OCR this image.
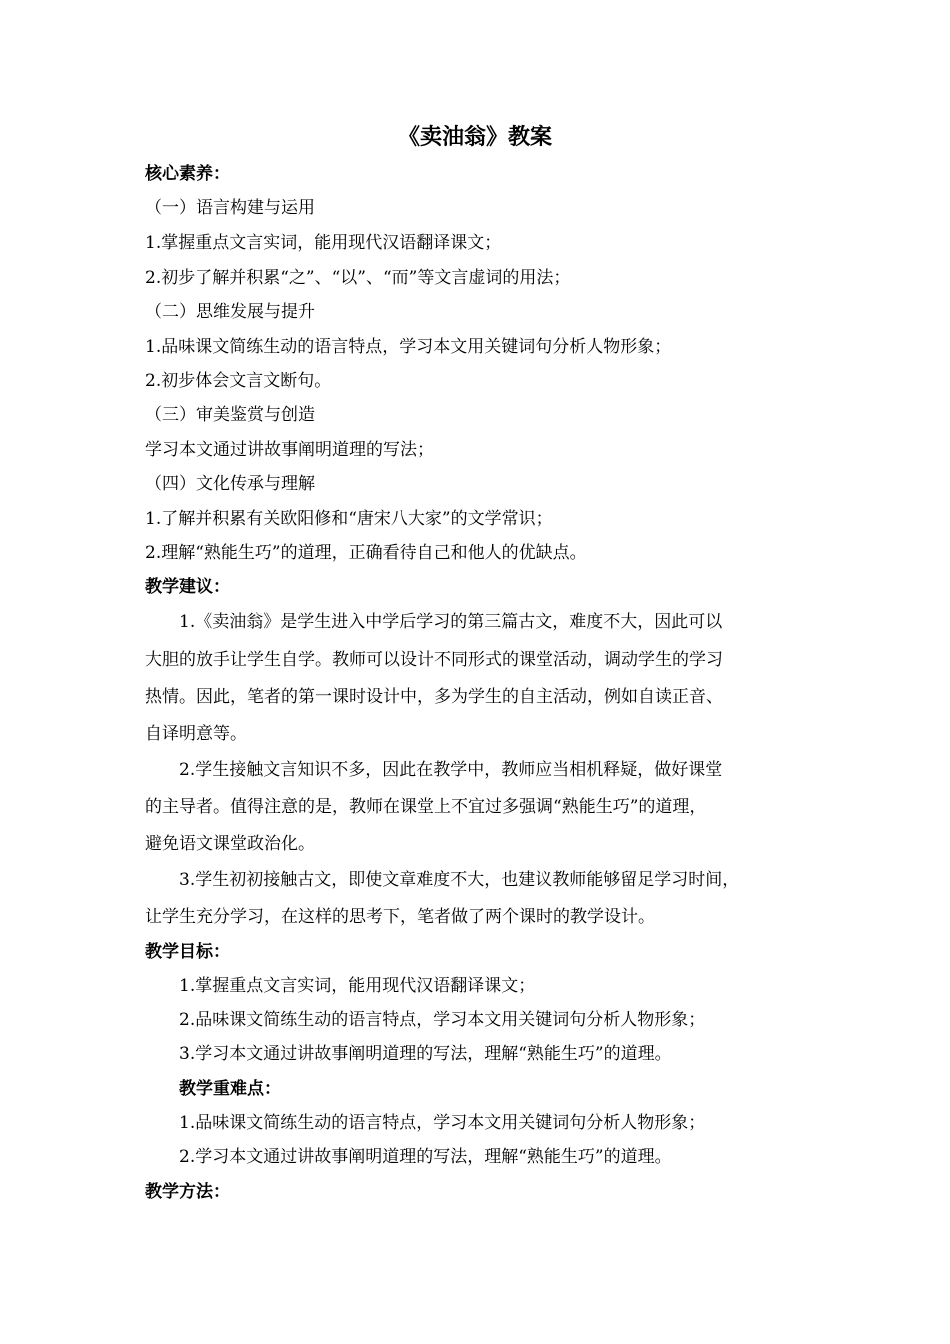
《卖油翁》教案
核心素养：
（一）语言构建与运用
1.掌握重点文言实词，能用现代汉语翻译课文；
2.初步了解并积累“之”、“以”、“而”等文言虚词的用法；
（二）思维发展与提升
1.品味课文简练生动的语言特点，学习本文用关键词句分析人物形象；
2.初步体会文言文断句。
（三）审美鉴赏与创造
学习本文通过讲故事阐明道理的写法；
（四）文化传承与理解
1.了解并积累有关欧阳修和“唐宋八大家”的文学常识；
2.理解“熟能生巧”的道理，正确看待自己和他人的优缺点。
教学建议：
1.《卖油翁》是学生进入中学后学习的第三篇古文，难度不大，因此可以
大胆的放手让学生自学。教师可以设计不同形式的课堂活动，调动学生的学习
热情。因此，笔者的第一课时设计中，多为学生的自主活动，例如自读正音、
自译明意等。
2.学生接触文言知识不多，因此在教学中，教师应当相机释疑，做好课堂
的主导者。值得注意的是，教师在课堂上不宜过多强调“熟能生巧”的道理，
避免语文课堂政治化。
3.学生初初接触古文，即使文章难度不大，也建议教师能够留足学习时间，
让学生充分学习，在这样的思考下，笔者做了两个课时的教学设计。
教学目标：
1.掌握重点文言实词，能用现代汉语翻译课文；
2.品味课文简练生动的语言特点，学习本文用关键词句分析人物形象；
3.学习本文通过讲故事阐明道理的写法，理解“熟能生巧”的道理。
教学重难点：
1.品味课文简练生动的语言特点，学习本文用关键词句分析人物形象；
2.学习本文通过讲故事阐明道理的写法，理解“熟能生巧”的道理。
教学方法：
